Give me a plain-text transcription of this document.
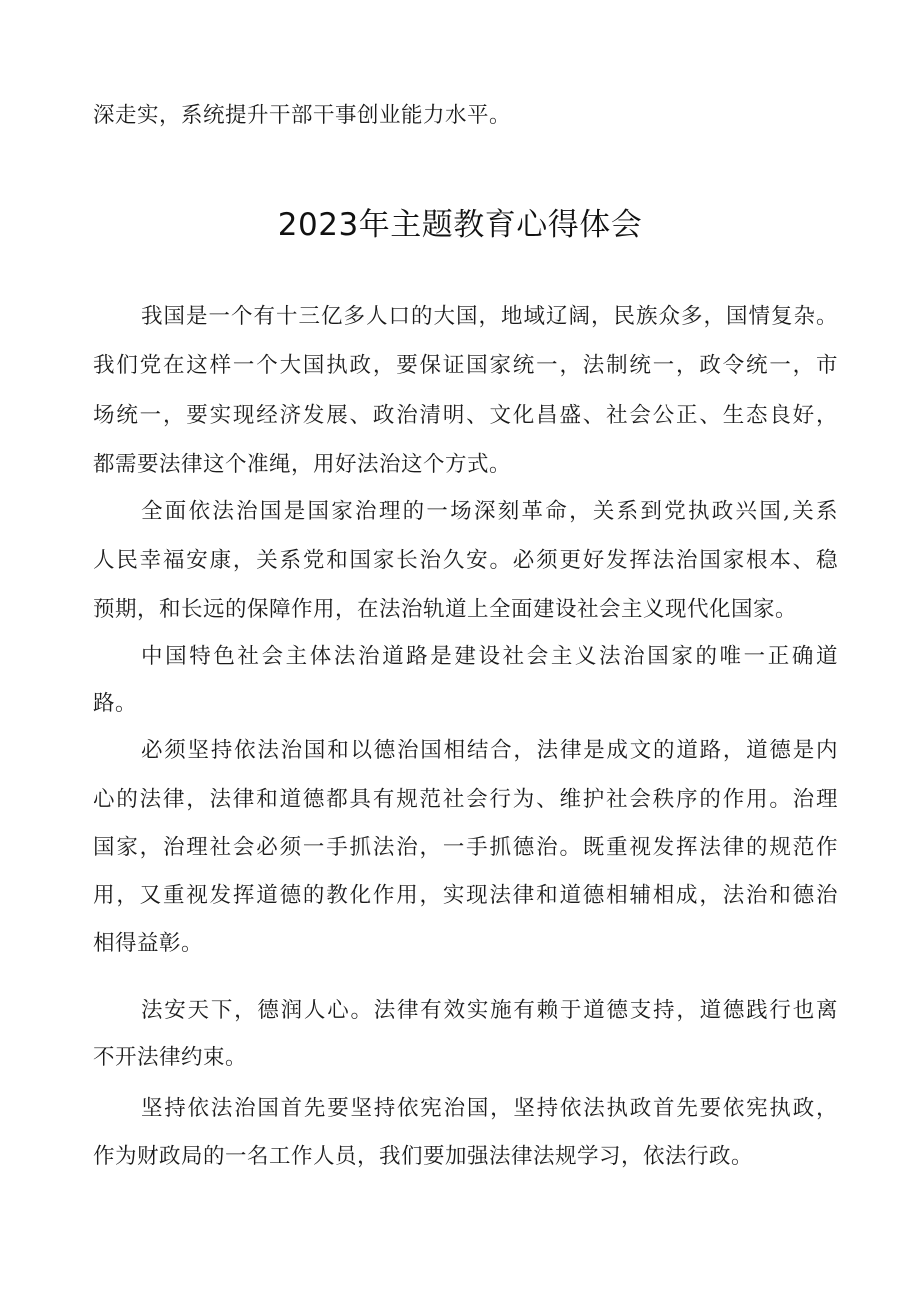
深走实，系统提升干部干事创业能力水平。
2023年主题教育心得体会
我国是一个有十三亿多人口的大国，地域辽阔，民族众多，国情复杂。
我们党在这样一个大国执政，要保证国家统一，法制统一，政令统一，市
场统一，要实现经济发展、政治清明、文化昌盛、社会公正、生态良好，
都需要法律这个准绳，用好法治这个方式。
全面依法治国是国家治理的一场深刻革命，关系到党执政兴国,关系
人民幸福安康，关系党和国家长治久安。必须更好发挥法治国家根本、稳
预期，和长远的保障作用，在法治轨道上全面建设社会主义现代化国家。
中国特色社会主体法治道路是建设社会主义法治国家的唯一正确道
路。
必须坚持依法治国和以德治国相结合，法律是成文的道路，道德是内
心的法律，法律和道德都具有规范社会行为、维护社会秩序的作用。治理
国家，治理社会必须一手抓法治，一手抓德治。既重视发挥法律的规范作
用，又重视发挥道德的教化作用，实现法律和道德相辅相成，法治和德治
相得益彰。
法安天下，德润人心。法律有效实施有赖于道德支持，道德践行也离
不开法律约束。
坚持依法治国首先要坚持依宪治国，坚持依法执政首先要依宪执政，
作为财政局的一名工作人员，我们要加强法律法规学习，依法行政。
